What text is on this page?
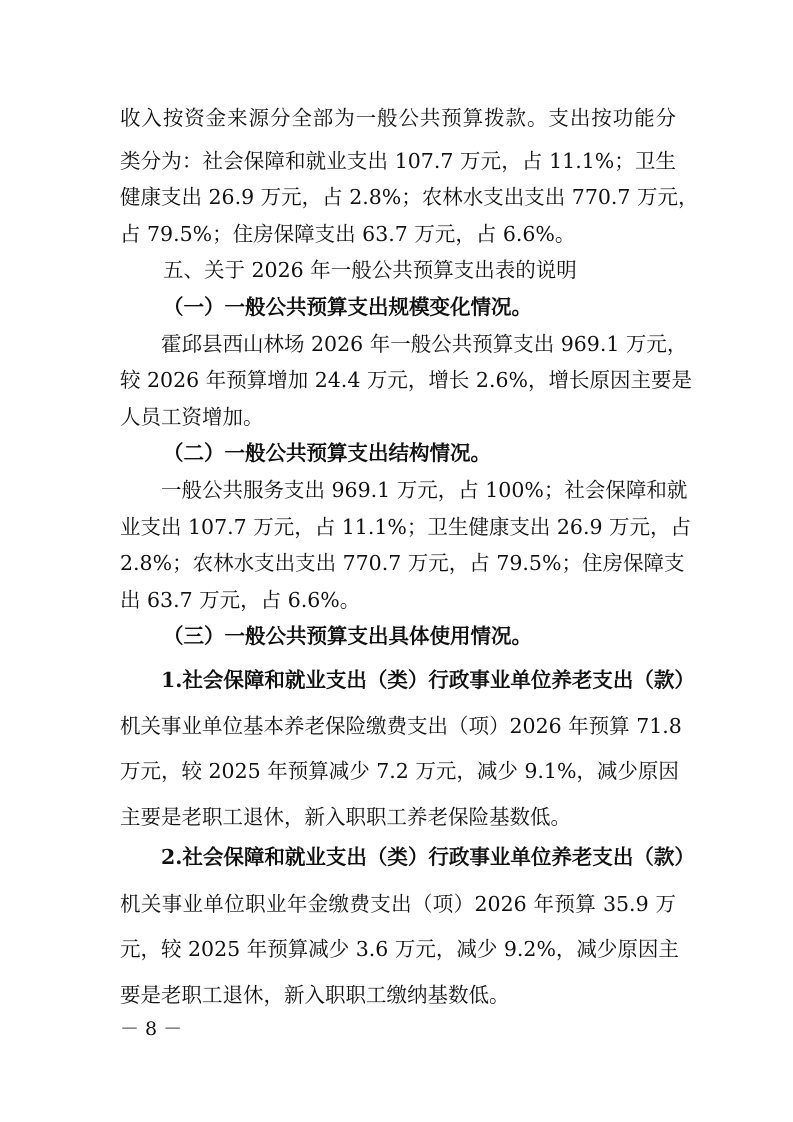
收入按资金来源分全部为一般公共预算拨款。支出按功能分
类分为：社会保障和就业支出 107.7 万元，占 11.1%；卫生
健康支出 26.9 万元，占 2.8%；农林水支出支出 770.7 万元，
占 79.5%；住房保障支出 63.7 万元，占 6.6%。
五、关于 2026 年一般公共预算支出表的说明
（一）一般公共预算支出规模变化情况。
霍邱县西山林场 2026 年一般公共预算支出 969.1 万元，
较 2026 年预算增加 24.4 万元，增长 2.6%，增长原因主要是
人员工资增加。
（二）一般公共预算支出结构情况。
一般公共服务支出 969.1 万元，占 100%；社会保障和就
业支出 107.7 万元，占 11.1%；卫生健康支出 26.9 万元，占
2.8%；农林水支出支出 770.7 万元，占 79.5%；住房保障支
出 63.7 万元，占 6.6%。
（三）一般公共预算支出具体使用情况。
1.社会保障和就业支出（类）行政事业单位养老支出（款）
机关事业单位基本养老保险缴费支出（项）2026 年预算 71.8
万元，较 2025 年预算减少 7.2 万元，减少 9.1%，减少原因
主要是老职工退休，新入职职工养老保险基数低。
2.社会保障和就业支出（类）行政事业单位养老支出（款）
机关事业单位职业年金缴费支出（项）2026 年预算 35.9 万
元，较 2025 年预算减少 3.6 万元，减少 9.2%，减少原因主
要是老职工退休，新入职职工缴纳基数低。
－ 8 －
